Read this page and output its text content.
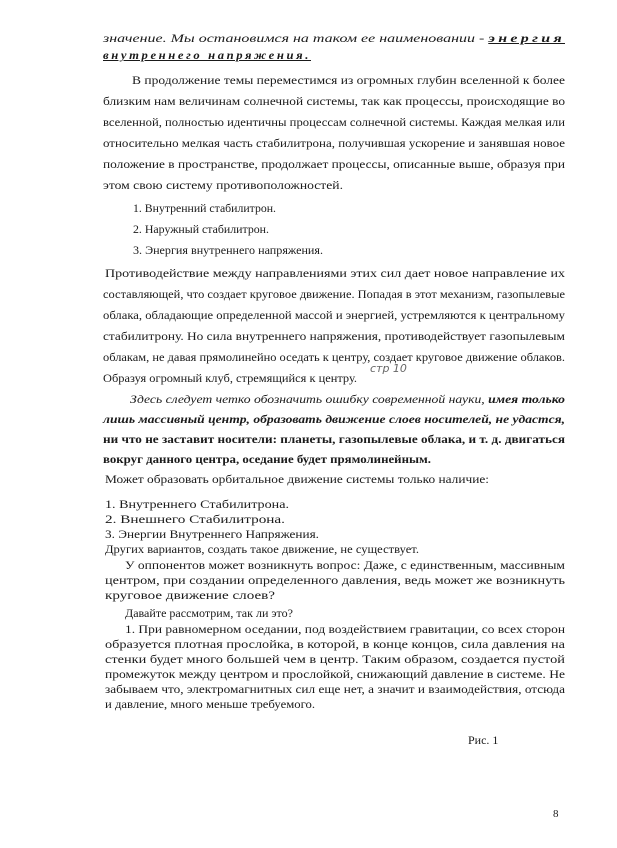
значение. Мы остановимся на таком ее наименовании - энергия
внутреннего напряжения.
В продолжение темы переместимся из огромных глубин вселенной к более
близким нам величинам солнечной системы, так как процессы, происходящие во
вселенной, полностью идентичны процессам солнечной системы. Каждая мелкая или
относительно мелкая часть стабилитрона, получившая ускорение и занявшая новое
положение в пространстве, продолжает процессы, описанные выше, образуя при
этом свою систему противоположностей.
1. Внутренний стабилитрон.
2. Наружный стабилитрон.
3. Энергия внутреннего напряжения.
Противодействие между направлениями этих сил дает новое направление их
составляющей, что создает круговое движение. Попадая в этот механизм, газопылевые
облака, обладающие определенной массой и энергией, устремляются к центральному
стабилитрону. Но сила внутреннего напряжения, противодействует газопылевым
облакам, не давая прямолинейно оседать к центру, создает круговое движение облаков.
Образуя огромный клуб, стремящийся к центру.
Здесь следует четко обозначить ошибку современной науки, имея только
лишь массивный центр, образовать движение слоев носителей, не удастся,
ни что не заставит носители: планеты, газопылевые облака, и т. д. двигаться
вокруг данного центра, оседание будет прямолинейным.
Может образовать орбитальное движение системы только наличие:
1. Внутреннего Стабилитрона.
2. Внешнего Стабилитрона.
3. Энергии Внутреннего Напряжения.
Других вариантов, создать такое движение, не существует.
У оппонентов может возникнуть вопрос: Даже, с единственным, массивным
центром, при создании определенного давления, ведь может же возникнуть
круговое движение слоев?
Давайте рассмотрим, так ли это?
1. При равномерном оседании, под воздействием гравитации, со всех сторон
образуется плотная прослойка, в которой, в конце концов, сила давления на
стенки будет много большей чем в центр. Таким образом, создается пустой
промежуток между центром и прослойкой, снижающий давление в системе. Не
забываем что, электромагнитных сил еще нет, а значит и взаимодействия, отсюда
и давление, много меньше требуемого.
стр 10
Рис. 1
8
